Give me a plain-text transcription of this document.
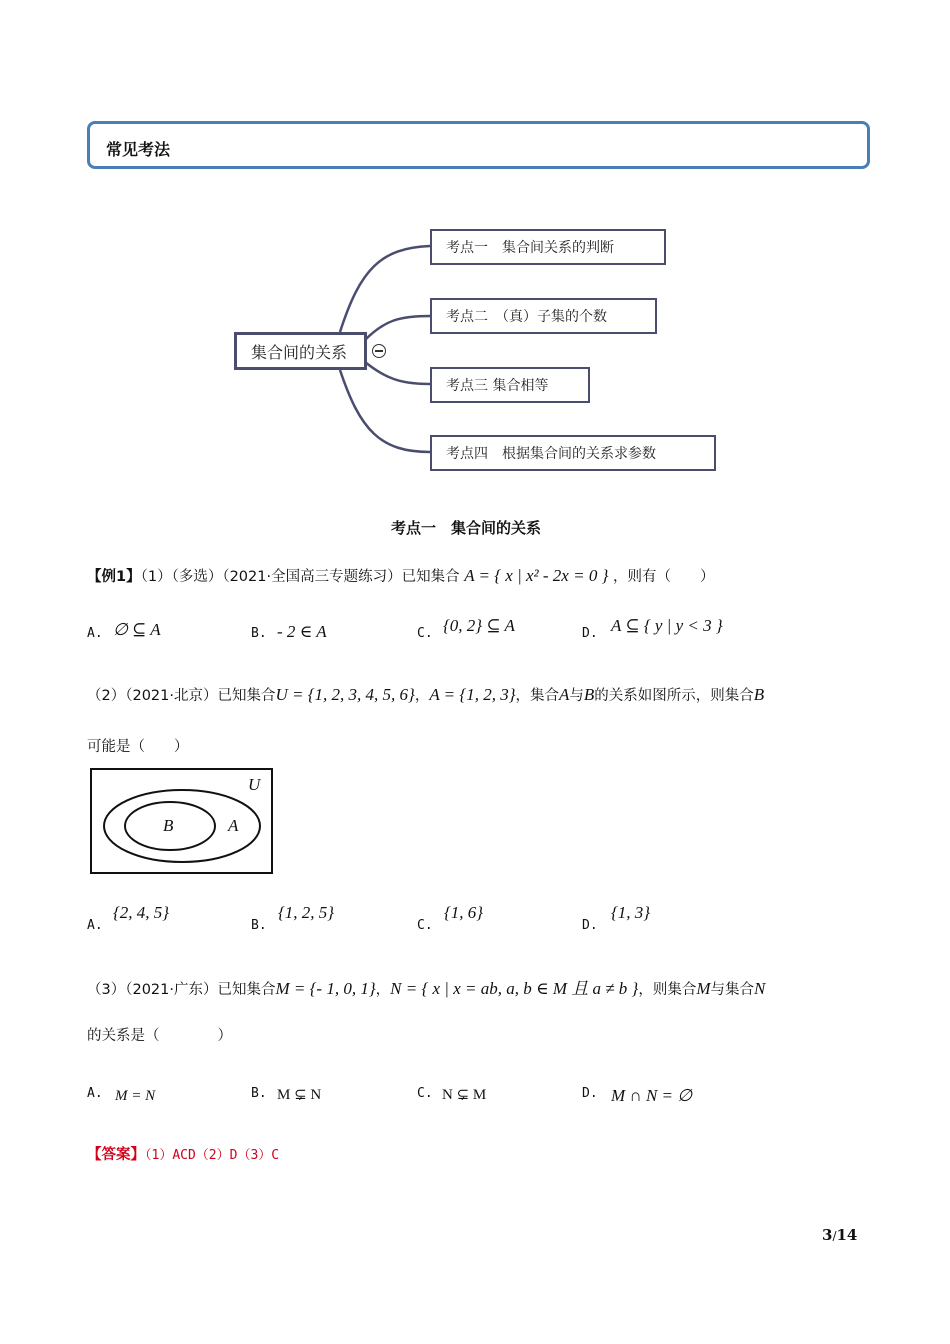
常见考法
集合间的关系
考点一　集合间关系的判断
考点二　（真）子集的个数
考点三 集合相等
考点四　根据集合间的关系求参数
考点一　集合间的关系
【例1】（1）（多选）（2021·全国高三专题练习）已知集合 A = { x | x² - 2x = 0 } ，则有（　　）
A. ∅ ⊆ A	B. - 2 ∈ A	C. {0, 2} ⊆ A	D. A ⊆ { y | y < 3 }
（2）（2021·北京）已知集合U = {1, 2, 3, 4, 5, 6}，A = {1, 2, 3}，集合A与B的关系如图所示，则集合B
可能是（　　）
U
B	A
A.
{2, 4, 5}
B.
{1, 2, 5}
C.
{1, 6}
D.
{1, 3}
（3）（2021·广东）已知集合M = {- 1, 0, 1}，N = { x | x = ab, a, b ∈ M 且 a ≠ b }，则集合M与集合N
的关系是（　　　　）
A. M = N	B. M ⊊ N	C. N ⊊ M	D. M ∩ N = ∅
【答案】（1）ACD（2）D（3）C
3/14
